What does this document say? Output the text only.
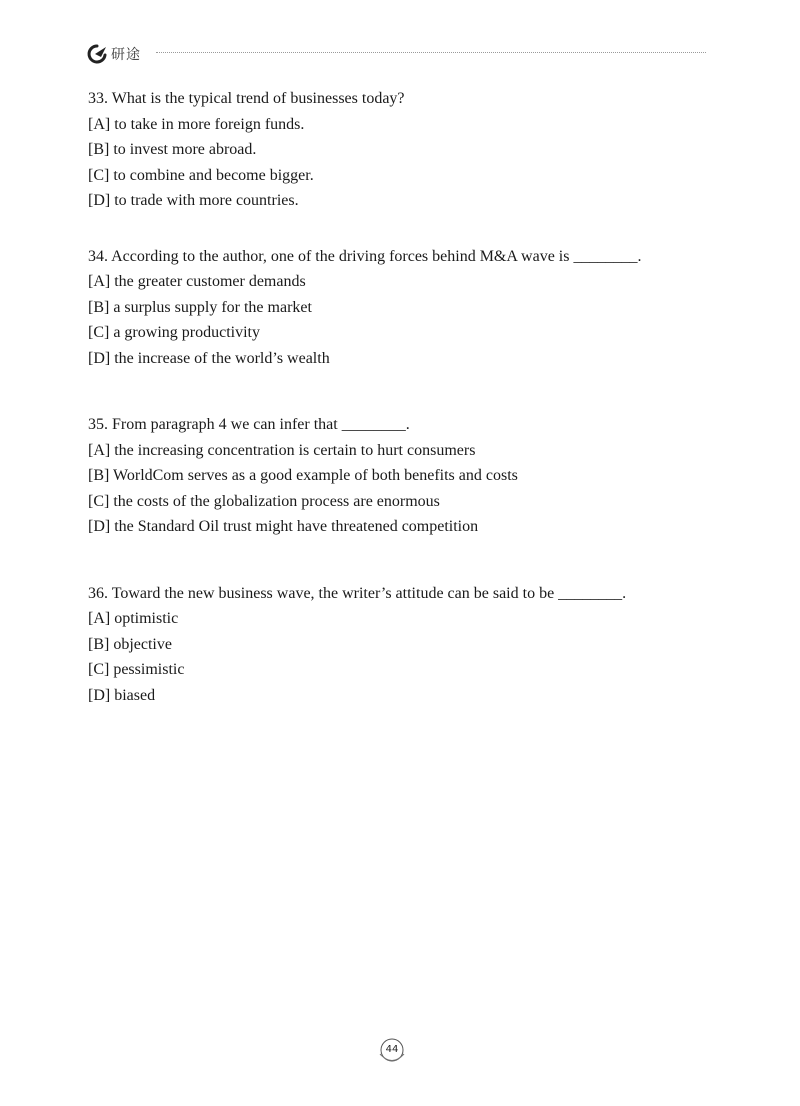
研途
33. What is the typical trend of businesses today?
[A] to take in more foreign funds.
[B] to invest more abroad.
[C] to combine and become bigger.
[D] to trade with more countries.
34. According to the author, one of the driving forces behind M&A wave is ________.
[A] the greater customer demands
[B] a surplus supply for the market
[C] a growing productivity
[D] the increase of the world’s wealth
35. From paragraph 4 we can infer that ________.
[A] the increasing concentration is certain to hurt consumers
[B] WorldCom serves as a good example of both benefits and costs
[C] the costs of the globalization process are enormous
[D] the Standard Oil trust might have threatened competition
36. Toward the new business wave, the writer’s attitude can be said to be ________.
[A] optimistic
[B] objective
[C] pessimistic
[D] biased
44
